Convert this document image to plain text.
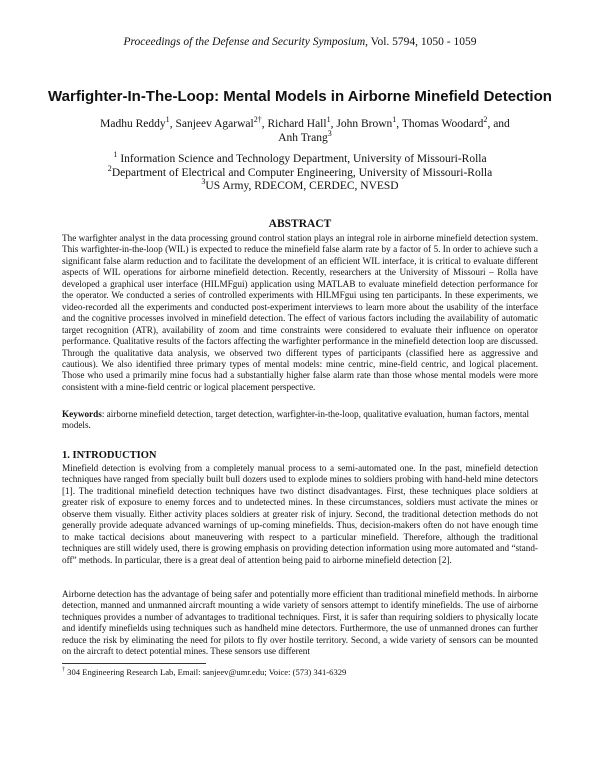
Proceedings of the Defense and Security Symposium, Vol. 5794, 1050 - 1059
Warfighter-In-The-Loop: Mental Models in Airborne Minefield Detection
Madhu Reddy$^1$, Sanjeev Agarwal$^{2\dagger}$, Richard Hall$^1$, John Brown$^1$, Thomas Woodard$^2$, and Anh Trang$^3$
$^1$ Information Science and Technology Department, University of Missouri-Rolla
$^2$Department of Electrical and Computer Engineering, University of Missouri-Rolla
$^3$US Army, RDECOM, CERDEC, NVESD
ABSTRACT

The warfighter analyst in the data processing ground control station plays an integral role in airborne minefield detection system. This warfighter-in-the-loop (WIL) is expected to reduce the minefield false alarm rate by a factor of 5. In order to achieve such a significant false alarm reduction and to facilitate the development of an efficient WIL interface, it is critical to evaluate different aspects of WIL operations for airborne minefield detection. Recently, researchers at the University of Missouri – Rolla have developed a graphical user interface (HILMFgui) application using MATLAB to evaluate minefield detection performance for the operator. We conducted a series of controlled experiments with HILMFgui using ten participants. In these experiments, we video-recorded all the experiments and conducted post-experiment interviews to learn more about the usability of the interface and the cognitive processes involved in minefield detection. The effect of various factors including the availability of automatic target recognition (ATR), availability of zoom and time constraints were considered to evaluate their influence on operator performance. Qualitative results of the factors affecting the warfighter performance in the minefield detection loop are discussed. Through the qualitative data analysis, we observed two different types of participants (classified here as aggressive and cautious). We also identified three primary types of mental models: mine centric, mine-field centric, and logical placement. Those who used a primarily mine focus had a substantially higher false alarm rate than those whose mental models were more consistent with a mine-field centric or logical placement perspective.

Keywords: airborne minefield detection, target detection, warfighter-in-the-loop, qualitative evaluation, human factors, mental models.

1. INTRODUCTION

Minefield detection is evolving from a completely manual process to a semi-automated one. In the past, minefield detection techniques have ranged from specially built bull dozers used to explode mines to soldiers probing with hand-held mine detectors [1]. The traditional minefield detection techniques have two distinct disadvantages. First, these techniques place soldiers at greater risk of exposure to enemy forces and to undetected mines. In these circumstances, soldiers must activate the mines or observe them visually. Either activity places soldiers at greater risk of injury. Second, the traditional detection methods do not generally provide adequate advanced warnings of up-coming minefields. Thus, decision-makers often do not have enough time to make tactical decisions about maneuvering with respect to a particular minefield. Therefore, although the traditional techniques are still widely used, there is growing emphasis on providing detection information using more automated and “stand-off” methods. In particular, there is a great deal of attention being paid to airborne minefield detection [2].

Airborne detection has the advantage of being safer and potentially more efficient than traditional minefield methods. In airborne detection, manned and unmanned aircraft mounting a wide variety of sensors attempt to identify minefields. The use of airborne techniques provides a number of advantages to traditional techniques. First, it is safer than requiring soldiers to physically locate and identify minefields using techniques such as handheld mine detectors. Furthermore, the use of unmanned drones can further reduce the risk by eliminating the need for pilots to fly over hostile territory. Second, a wide variety of sensors can be mounted on the aircraft to detect potential mines. These sensors use different

† 304 Engineering Research Lab, Email: sanjeev@umr.edu; Voice: (573) 341-6329
